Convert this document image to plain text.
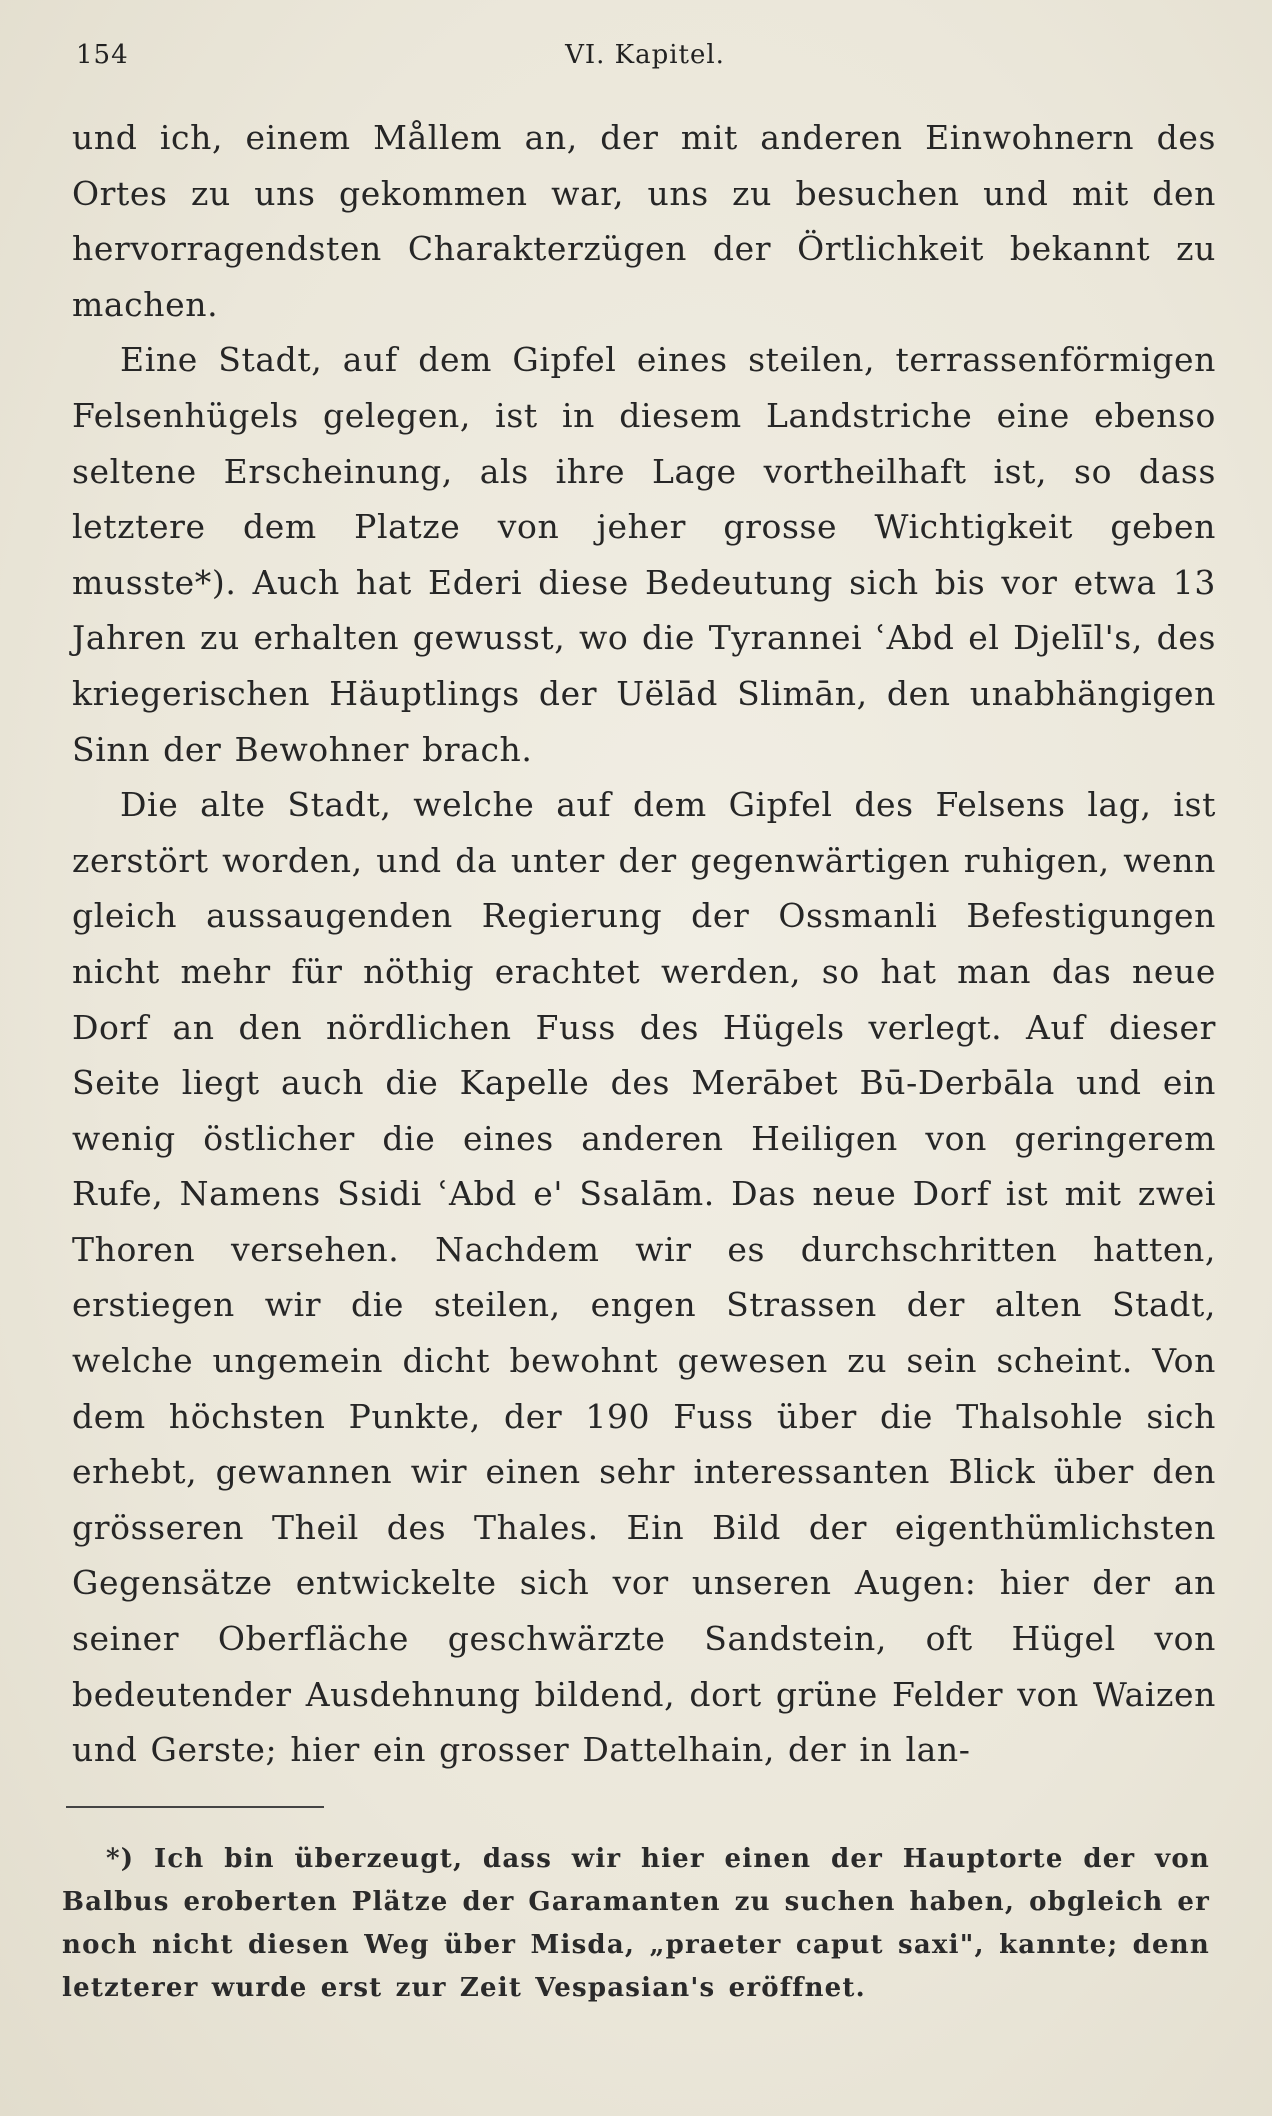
154	VI. Kapitel.

und ich, einem Mållem an, der mit anderen Einwohnern des Ortes zu uns gekommen war, uns zu besuchen und mit den hervorragendsten Charakterzügen der Örtlichkeit bekannt zu machen.

Eine Stadt, auf dem Gipfel eines steilen, terrassenförmigen Felsenhügels gelegen, ist in diesem Landstriche eine ebenso seltene Erscheinung, als ihre Lage vortheilhaft ist, so dass letztere dem Platze von jeher grosse Wichtigkeit geben musste*). Auch hat Ederi diese Bedeutung sich bis vor etwa 13 Jahren zu erhalten gewusst, wo die Tyrannei ʿAbd el Djelīl's, des kriegerischen Häuptlings der Uëlād Slimān, den unabhängigen Sinn der Bewohner brach.

Die alte Stadt, welche auf dem Gipfel des Felsens lag, ist zerstört worden, und da unter der gegenwärtigen ruhigen, wenn gleich aussaugenden Regierung der Ossmanli Befestigungen nicht mehr für nöthig erachtet werden, so hat man das neue Dorf an den nördlichen Fuss des Hügels verlegt. Auf dieser Seite liegt auch die Kapelle des Merābet Bū-Derbāla und ein wenig östlicher die eines anderen Heiligen von geringerem Rufe, Namens Ssidi ʿAbd e' Ssalām. Das neue Dorf ist mit zwei Thoren versehen. Nachdem wir es durchschritten hatten, erstiegen wir die steilen, engen Strassen der alten Stadt, welche ungemein dicht bewohnt gewesen zu sein scheint. Von dem höchsten Punkte, der 190 Fuss über die Thalsohle sich erhebt, gewannen wir einen sehr interessanten Blick über den grösseren Theil des Thales. Ein Bild der eigenthümlichsten Gegensätze entwickelte sich vor unseren Augen: hier der an seiner Oberfläche geschwärzte Sandstein, oft Hügel von bedeutender Ausdehnung bildend, dort grüne Felder von Waizen und Gerste; hier ein grosser Dattelhain, der in lan-

*) Ich bin überzeugt, dass wir hier einen der Hauptorte der von Balbus eroberten Plätze der Garamanten zu suchen haben, obgleich er noch nicht diesen Weg über Misda, „praeter caput saxi", kannte; denn letzterer wurde erst zur Zeit Vespasian's eröffnet.
